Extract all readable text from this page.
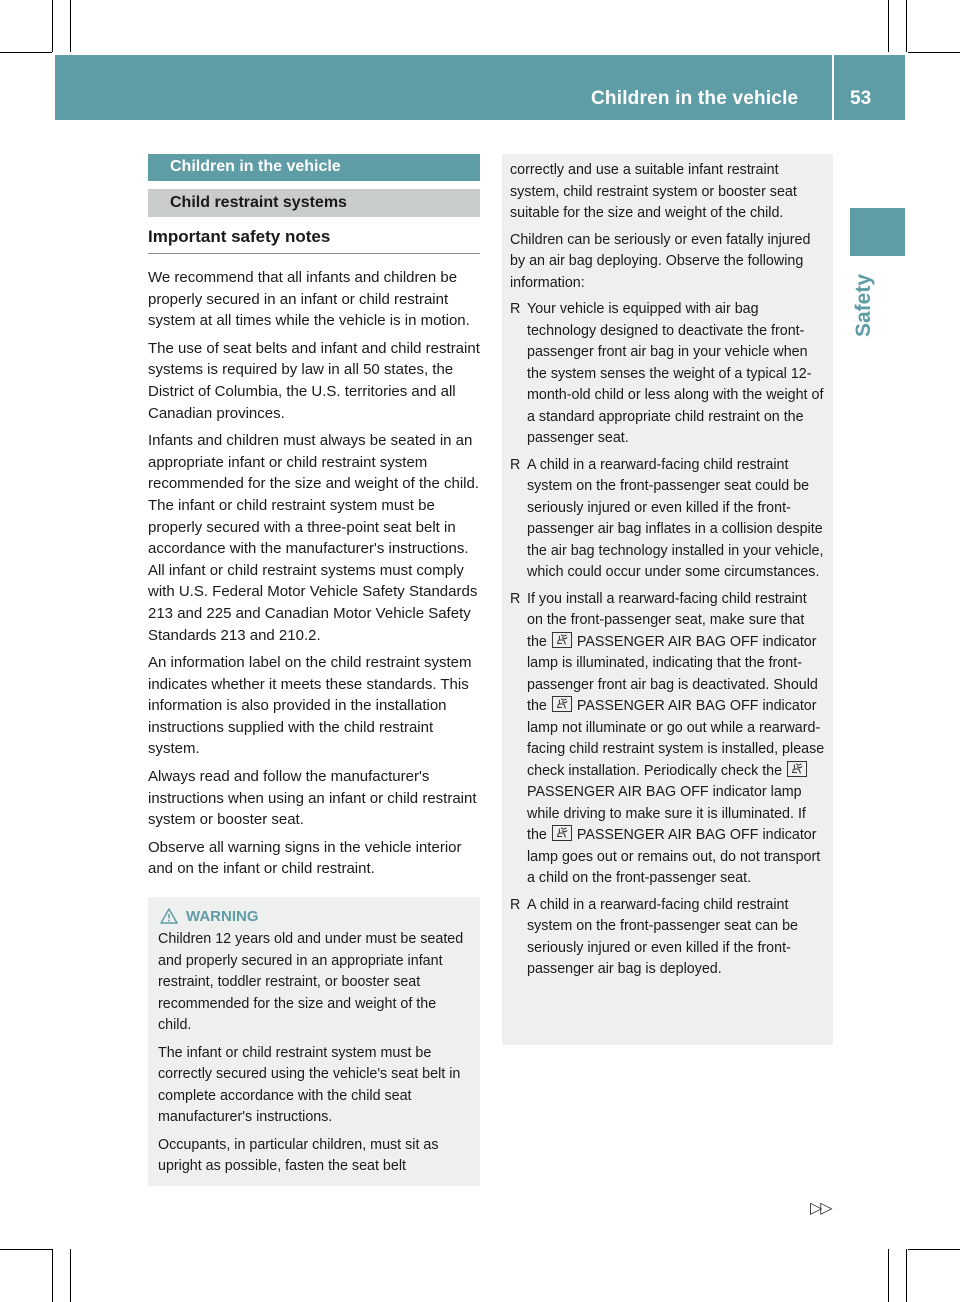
Children in the vehicle	53
Safety
Children in the vehicle
Child restraint systems
Important safety notes

We recommend that all infants and children be properly secured in an infant or child restraint system at all times while the vehicle is in motion.

The use of seat belts and infant and child restraint systems is required by law in all 50 states, the District of Columbia, the U.S. territories and all Canadian provinces.

Infants and children must always be seated in an appropriate infant or child restraint system recommended for the size and weight of the child. The infant or child restraint system must be properly secured with a three-point seat belt in accordance with the manufacturer's instructions. All infant or child restraint systems must comply with U.S. Federal Motor Vehicle Safety Standards 213 and 225 and Canadian Motor Vehicle Safety Standards 213 and 210.2.

An information label on the child restraint system indicates whether it meets these standards. This information is also provided in the installation instructions supplied with the child restraint system.

Always read and follow the manufacturer's instructions when using an infant or child restraint system or booster seat.

Observe all warning signs in the vehicle interior and on the infant or child restraint.

WARNING

Children 12 years old and under must be seated and properly secured in an appropriate infant restraint, toddler restraint, or booster seat recommended for the size and weight of the child.

The infant or child restraint system must be correctly secured using the vehicle's seat belt in complete accordance with the child seat manufacturer's instructions.

Occupants, in particular children, must sit as upright as possible, fasten the seat belt

correctly and use a suitable infant restraint system, child restraint system or booster seat suitable for the size and weight of the child.

Children can be seriously or even fatally injured by an air bag deploying. Observe the following information:

R Your vehicle is equipped with air bag technology designed to deactivate the front-passenger front air bag in your vehicle when the system senses the weight of a typical 12-month-old child or less along with the weight of a standard appropriate child restraint on the passenger seat.
R A child in a rearward-facing child restraint system on the front-passenger seat could be seriously injured or even killed if the front-passenger air bag inflates in a collision despite the air bag technology installed in your vehicle, which could occur under some circumstances.
R If you install a rearward-facing child restraint on the front-passenger seat, make sure that the PASSENGER AIR BAG OFF indicator lamp is illuminated, indicating that the front-passenger front air bag is deactivated. Should the PASSENGER AIR BAG OFF indicator lamp not illuminate or go out while a rearward-facing child restraint system is installed, please check installation. Periodically check the  PASSENGER AIR BAG OFF indicator lamp while driving to make sure it is illuminated. If the PASSENGER AIR BAG OFF indicator lamp goes out or remains out, do not transport a child on the front-passenger seat.
R A child in a rearward-facing child restraint system on the front-passenger seat can be seriously injured or even killed if the front-passenger air bag is deployed.
▷▷
